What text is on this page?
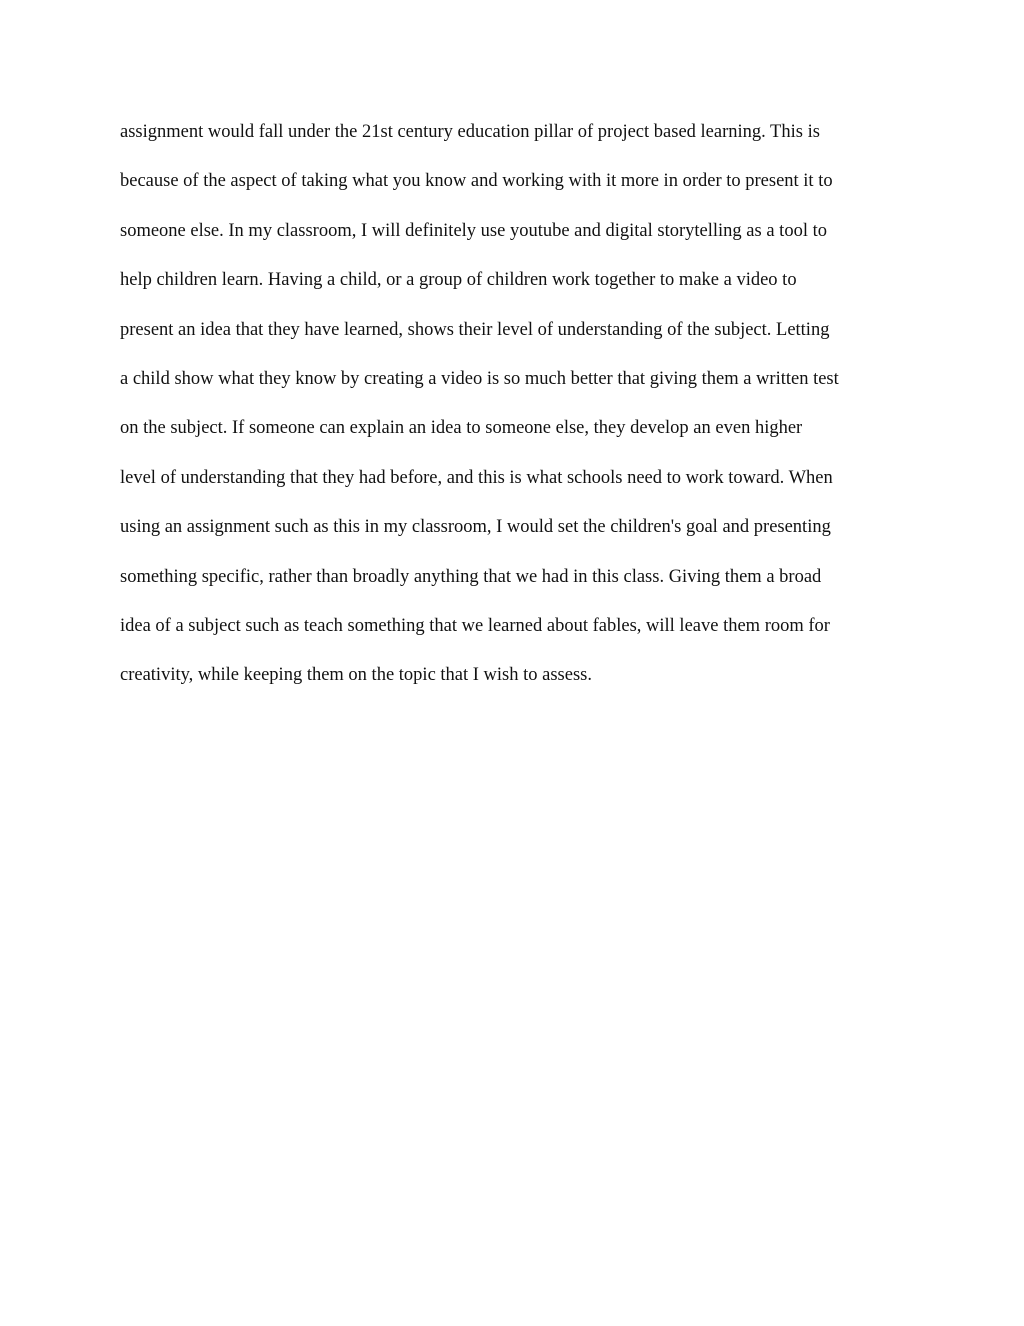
assignment would fall under the 21st century education pillar of project based learning. This is
because of the aspect of taking what you know and working with it more in order to present it to
someone else. In my classroom, I will definitely use youtube and digital storytelling as a tool to
help children learn. Having a child, or a group of children work together to make a video to
present an idea that they have learned, shows their level of understanding of the subject. Letting
a child show what they know by creating a video is so much better that giving them a written test
on the subject. If someone can explain an idea to someone else, they develop an even higher
level of understanding that they had before, and this is what schools need to work toward. When
using an assignment such as this in my classroom, I would set the children's goal and presenting
something specific, rather than broadly anything that we had in this class. Giving them a broad
idea of a subject such as teach something that we learned about fables, will leave them room for
creativity, while keeping them on the topic that I wish to assess.
